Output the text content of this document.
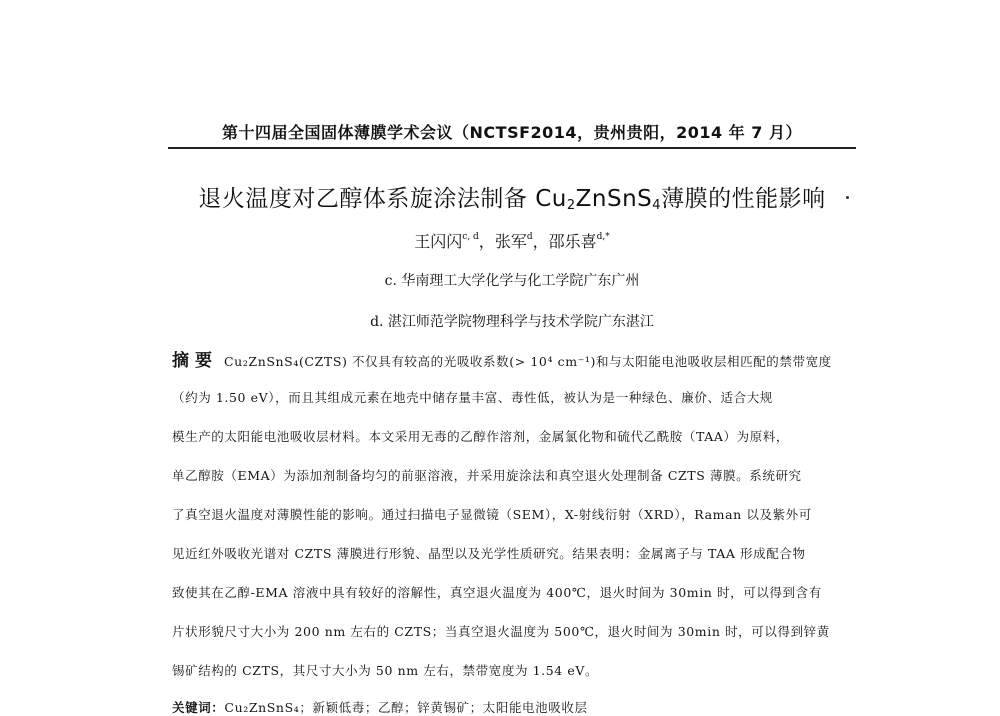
第十四届全国固体薄膜学术会议（NCTSF2014，贵州贵阳，2014 年 7 月）
退火温度对乙醇体系旋涂法制备 $Cu_2ZnSnS_4$薄膜的性能影响
王闪闪$^{c, d}$，张军$^d$，邵乐喜$^{d,*}$
c. 华南理工大学化学与化工学院广东广州
d. 湛江师范学院物理科学与技术学院广东湛江
摘要 Cu₂ZnSnS₄(CZTS) 不仅具有较高的光吸收系数(> 10⁴ cm⁻¹)和与太阳能电池吸收层相匹配的禁带宽度
（约为 1.50 eV），而且其组成元素在地壳中储存量丰富、毒性低，被认为是一种绿色、廉价、适合大规
模生产的太阳能电池吸收层材料。本文采用无毒的乙醇作溶剂，金属氯化物和硫代乙酰胺（TAA）为原料，
单乙醇胺（EMA）为添加剂制备均匀的前驱溶液，并采用旋涂法和真空退火处理制备 CZTS 薄膜。系统研究
了真空退火温度对薄膜性能的影响。通过扫描电子显微镜（SEM），X-射线衍射（XRD），Raman 以及紫外可
见近红外吸收光谱对 CZTS 薄膜进行形貌、晶型以及光学性质研究。结果表明：金属离子与 TAA 形成配合物
致使其在乙醇-EMA 溶液中具有较好的溶解性，真空退火温度为 400℃，退火时间为 30min 时，可以得到含有
片状形貌尺寸大小为 200 nm 左右的 CZTS；当真空退火温度为 500℃，退火时间为 30min 时，可以得到锌黄
锡矿结构的 CZTS，其尺寸大小为 50 nm 左右，禁带宽度为 1.54 eV。
关键词：Cu₂ZnSnS₄；新颖低毒；乙醇；锌黄锡矿；太阳能电池吸收层
